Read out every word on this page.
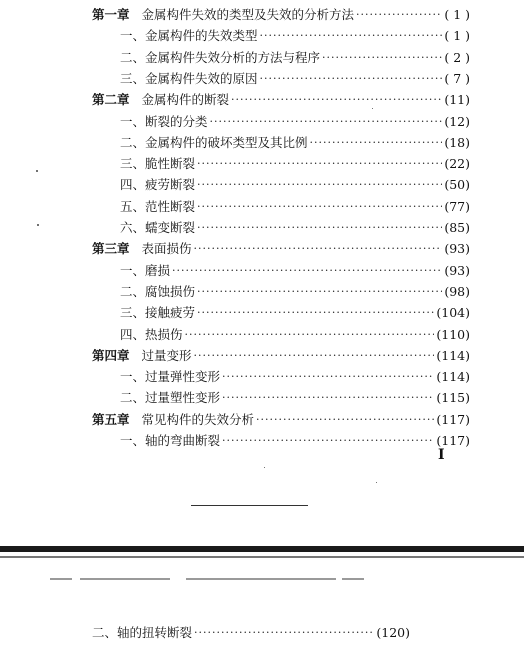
第一章 金属构件失效的类型及失效的分析方法 ·····	( 1 )
一、金属构件的失效类型 ·····	( 1 )
二、金属构件失效分析的方法与程序 ·····	( 2 )
三、金属构件失效的原因 ·····	( 7 )
第二章 金属构件的断裂 ·····	(11)
一、断裂的分类 ·····	(12)
二、金属构件的破坏类型及其比例 ·····	(18)
三、脆性断裂 ·····	(22)
四、疲劳断裂 ·····	(50)
五、范性断裂 ·····	(77)
六、蠕变断裂 ·····	(85)
第三章 表面损伤 ·····	(93)
一、磨损 ·····	(93)
二、腐蚀损伤 ·····	(98)
三、接触疲劳 ·····	(104)
四、热损伤 ·····	(110)
第四章 过量变形 ·····	(114)
一、过量弹性变形 ·····	(114)
二、过量塑性变形 ·····	(115)
第五章 常见构件的失效分析 ·····	(117)
一、轴的弯曲断裂 ·····	(117)
I
二、轴的扭转断裂 ·····	(120)
